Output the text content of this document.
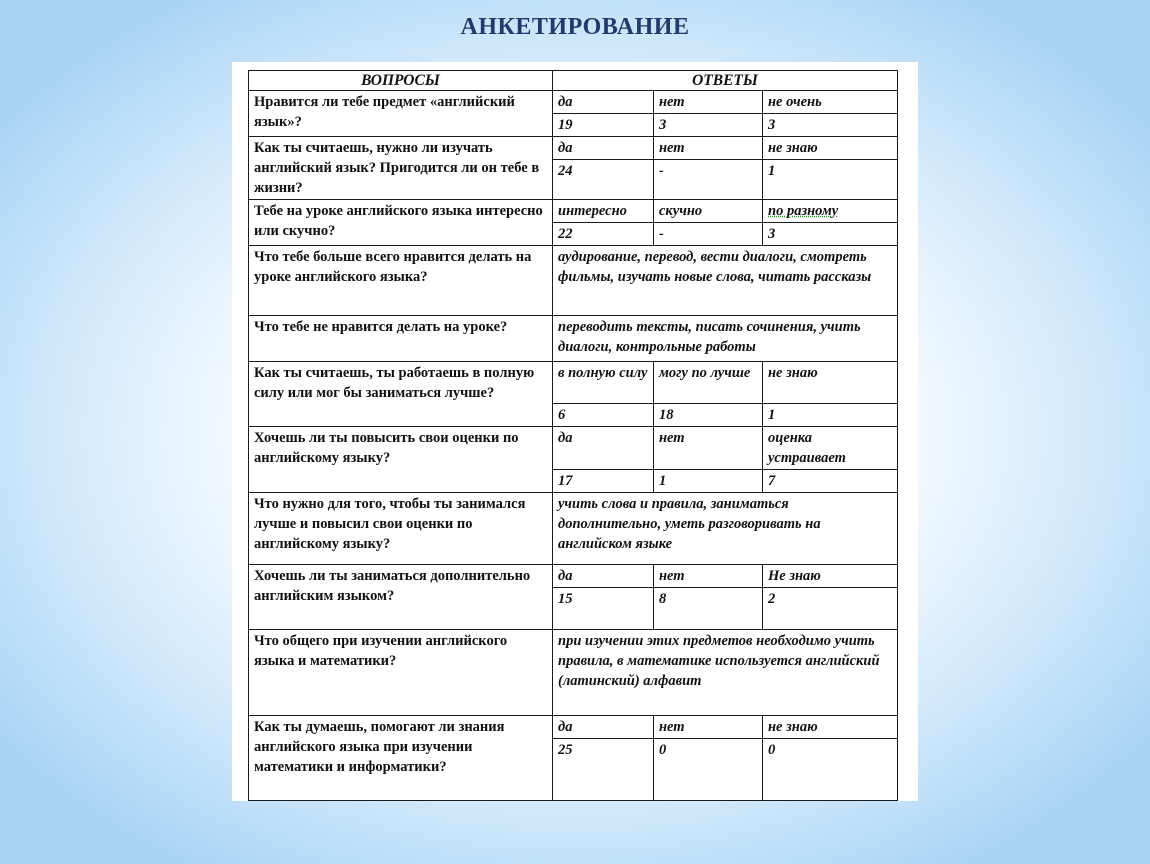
АНКЕТИРОВАНИЕ
ВОПРОСЫ	ОТВЕТЫ		
Нравится ли тебе предмет «английский язык»?	да	нет	не очень
	19	3	3
Как ты считаешь, нужно ли изучать английский язык? Пригодится ли он тебе в жизни?	да	нет	не знаю
	24	-	1
Тебе на уроке английского языка интересно или скучно?	интересно	скучно	по разному
	22	-	3
Что тебе больше всего нравится делать на уроке английского языка?	аудирование, перевод, вести диалоги, смотреть фильмы, изучать новые слова, читать рассказы		
Что тебе не нравится делать на уроке?	переводить тексты, писать сочинения, учить диалоги, контрольные работы		
Как ты считаешь, ты работаешь в полную силу или мог бы заниматься лучше?	в полную силу	могу по лучше	не знаю
	6	18	1
Хочешь ли ты повысить свои оценки по английскому языку?	да	нет	оценка устраивает
	17	1	7
Что нужно для того, чтобы ты занимался лучше и повысил свои оценки по английскому языку?	учить слова и правила, заниматься дополнительно, уметь разговоривать на английском языке		
Хочешь ли ты заниматься дополнительно английским языком?	да	нет	Не знаю
	15	8	2
Что общего при изучении английского языка и математики?	при изучении этих предметов необходимо учить правила, в математике используется английский (латинский) алфавит		
Как ты думаешь, помогают ли знания английского языка при изучении математики и информатики?	да	нет	не знаю
	25	0	0
